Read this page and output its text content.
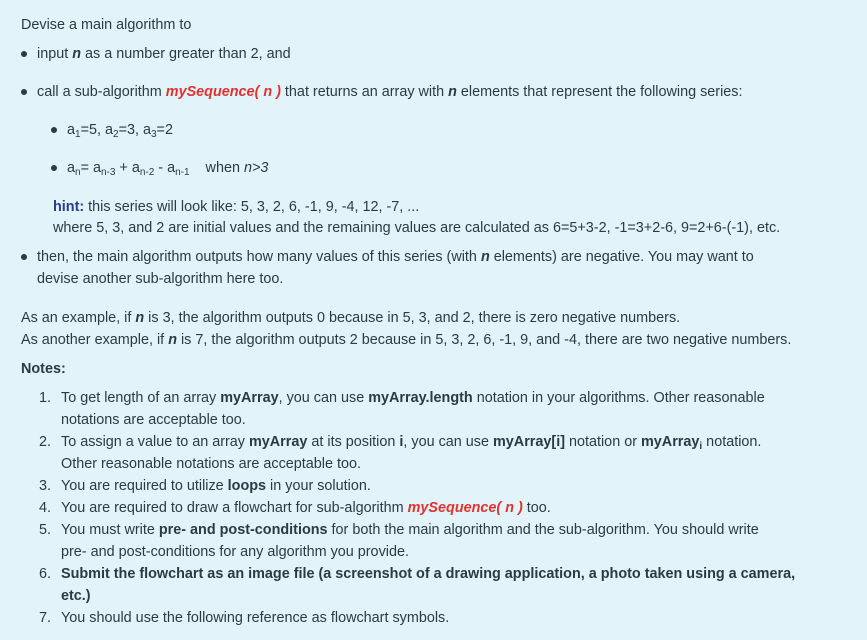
Devise a main algorithm to
input n as a number greater than 2, and
call a sub-algorithm mySequence( n ) that returns an array with n elements that represent the following series:
$a_1=5$, $a_2=3$, $a_3=2$
$a_n= a_{n-3} + a_{n-2} - a_{n-1}$ when n>3
hint: this series will look like: 5, 3, 2, 6, -1, 9, -4, 12, -7, ...
where 5, 3, and 2 are initial values and the remaining values are calculated as 6=5+3-2, -1=3+2-6, 9=2+6-(-1), etc.
then, the main algorithm outputs how many values of this series (with n elements) are negative. You may want to
devise another sub-algorithm here too.
As an example, if n is 3, the algorithm outputs 0 because in 5, 3, and 2, there is zero negative numbers.
As another example, if n is 7, the algorithm outputs 2 because in 5, 3, 2, 6, -1, 9, and -4, there are two negative numbers.
Notes:
1. To get length of an array myArray, you can use myArray.length notation in your algorithms. Other reasonable
notations are acceptable too.
2. To assign a value to an array myArray at its position i, you can use myArray[i] notation or myArray$_i$ notation.
Other reasonable notations are acceptable too.
3. You are required to utilize loops in your solution.
4. You are required to draw a flowchart for sub-algorithm mySequence( n ) too.
5. You must write pre- and post-conditions for both the main algorithm and the sub-algorithm. You should write
pre- and post-conditions for any algorithm you provide.
6. Submit the flowchart as an image file (a screenshot of a drawing application, a photo taken using a camera,
etc.)
7. You should use the following reference as flowchart symbols.
